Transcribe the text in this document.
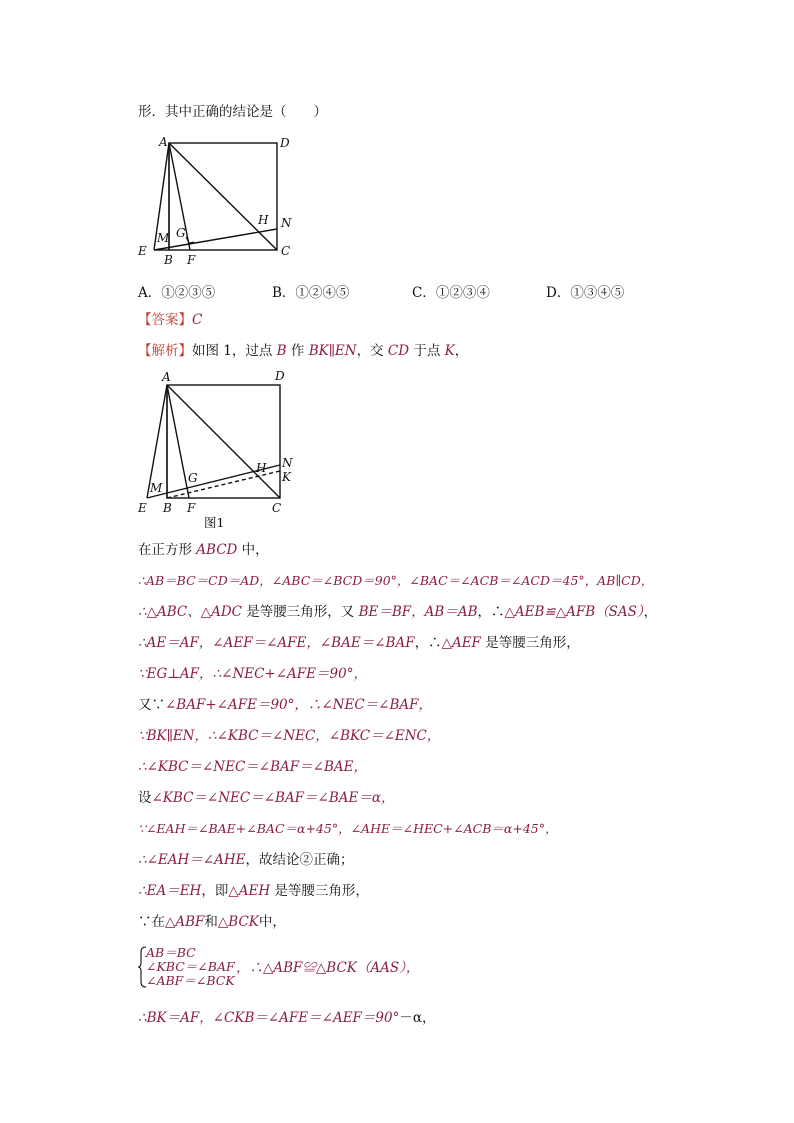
形．其中正确的结论是（　　）
A	D
E
M
B
G
F
H N
C
A．①②③⑤	B．①②④⑤	C．①②③④	D．①③④⑤
【答案】C
【解析】如图 1，过点 B 作 BK∥EN，交 CD 于点 K，
A	D
E
M
B
G
F
H N
K
C
图1
在正方形 ABCD 中，
∴AB＝BC＝CD＝AD，∠ABC＝∠BCD＝90°，∠BAC＝∠ACB＝∠ACD＝45°，AB∥CD，
∴△ABC、△ADC 是等腰三角形，又 BE＝BF，AB＝AB，∴△AEB≌△AFB（SAS），
∴AE＝AF，∠AEF＝∠AFE，∠BAE＝∠BAF，∴△AEF 是等腰三角形，
∵EG⊥AF，∴∠NEC+∠AFE＝90°，
又∵∠BAF+∠AFE＝90°，∴∠NEC＝∠BAF，
∵BK∥EN，∴∠KBC＝∠NEC，∠BKC＝∠ENC，
∴∠KBC＝∠NEC＝∠BAF＝∠BAE，
设∠KBC＝∠NEC＝∠BAF＝∠BAE＝α，
∵∠EAH＝∠BAE+∠BAC＝α+45°，∠AHE＝∠HEC+∠ACB＝α+45°，
∴∠EAH＝∠AHE，故结论②正确；
∴EA＝EH，即△AEH 是等腰三角形，
∵在△ABF和△BCK中，
AB＝BC
∠KBC＝∠BAF
∠ABF＝∠BCK
，∴△ABF≌△BCK（AAS），
∴BK＝AF，∠CKB＝∠AFE＝∠AEF＝90°－α，
